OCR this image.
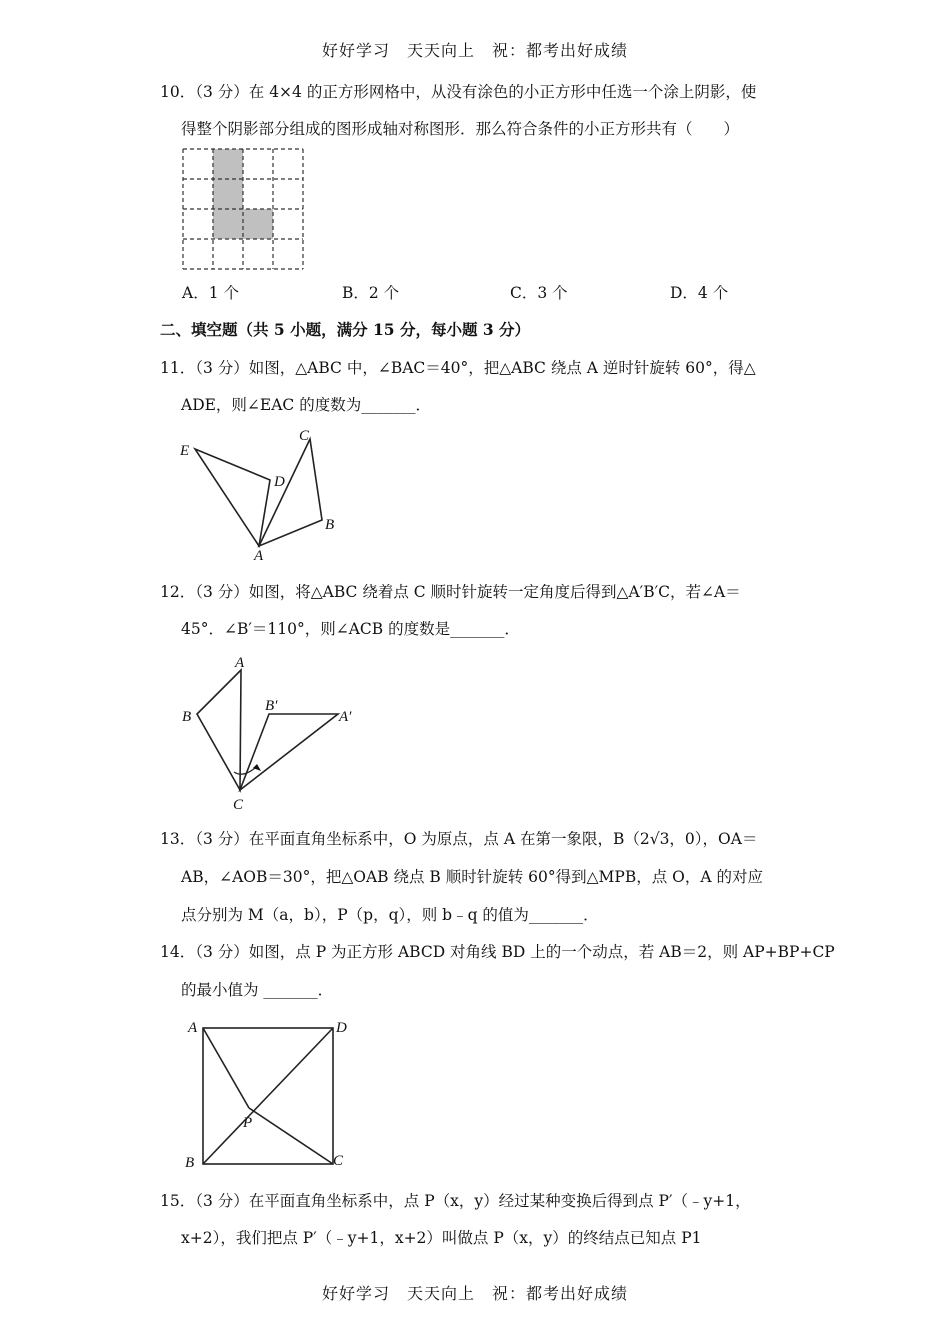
好好学习　天天向上　祝：都考出好成绩
10．（3 分）在 4×4 的正方形网格中，从没有涂色的小正方形中任选一个涂上阴影，使
得整个阴影部分组成的图形成轴对称图形．那么符合条件的小正方形共有（　　）
A．1 个	B．2 个	C．3 个	D．4 个
二、填空题（共 5 小题，满分 15 分，每小题 3 分）
11．（3 分）如图，△ABC 中，∠BAC＝40°，把△ABC 绕点 A 逆时针旋转 60°，得△
ADE，则∠EAC 的度数为_______．
E
D
C
B
A
12．（3 分）如图，将△ABC 绕着点 C 顺时针旋转一定角度后得到△A′B′C，若∠A＝
45°．∠B′＝110°，则∠ACB 的度数是_______．
A
B
B′
A′
C
13．（3 分）在平面直角坐标系中，O 为原点，点 A 在第一象限，B（2√3，0），OA＝
AB，∠AOB＝30°，把△OAB 绕点 B 顺时针旋转 60°得到△MPB，点 O，A 的对应
点分别为 M（a，b），P（p，q），则 b﹣q 的值为_______．
14．（3 分）如图，点 P 为正方形 ABCD 对角线 BD 上的一个动点，若 AB＝2，则 AP+BP+CP
的最小值为 _______．
A	D
P
B	C
15．（3 分）在平面直角坐标系中，点 P（x，y）经过某种变换后得到点 P′（﹣y+1，
x+2），我们把点 P′（﹣y+1，x+2）叫做点 P（x，y）的终结点已知点 P1
好好学习　天天向上　祝：都考出好成绩
